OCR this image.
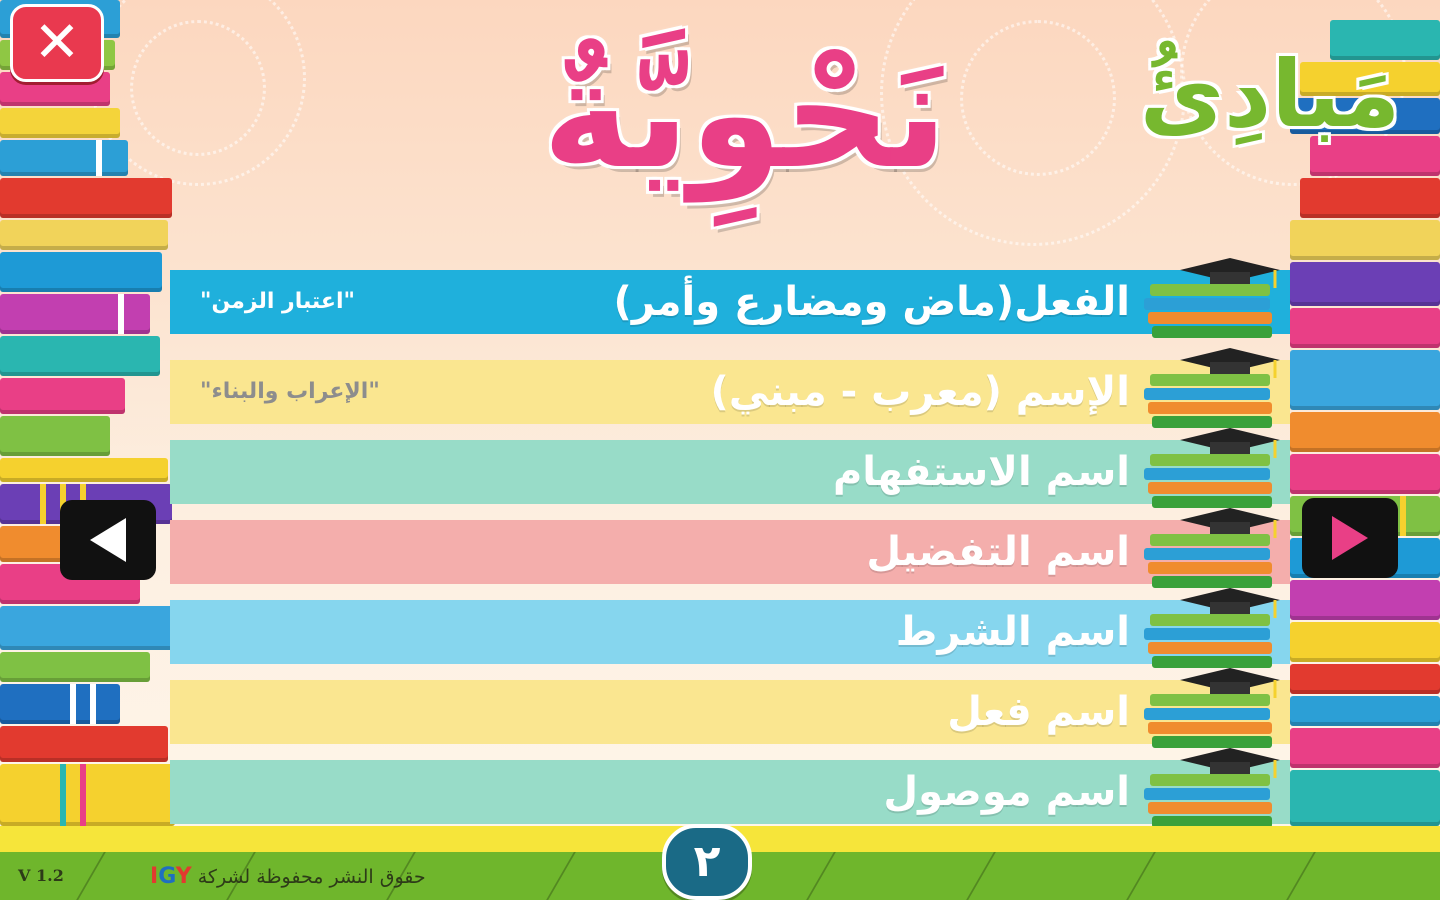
✕	نَحْوِيَّةٌ	مَبادِئُ
الفعل(ماض ومضارع وأمر)
"اعتبار الزمن"
الإسم (معرب - مبني)
"الإعراب والبناء"
اسم الاستفهام
اسم التفضيل
اسم الشرط
اسم فعل
اسم موصول
٢
حقوق النشر محفوظة لشركة IGY
V 1.2
